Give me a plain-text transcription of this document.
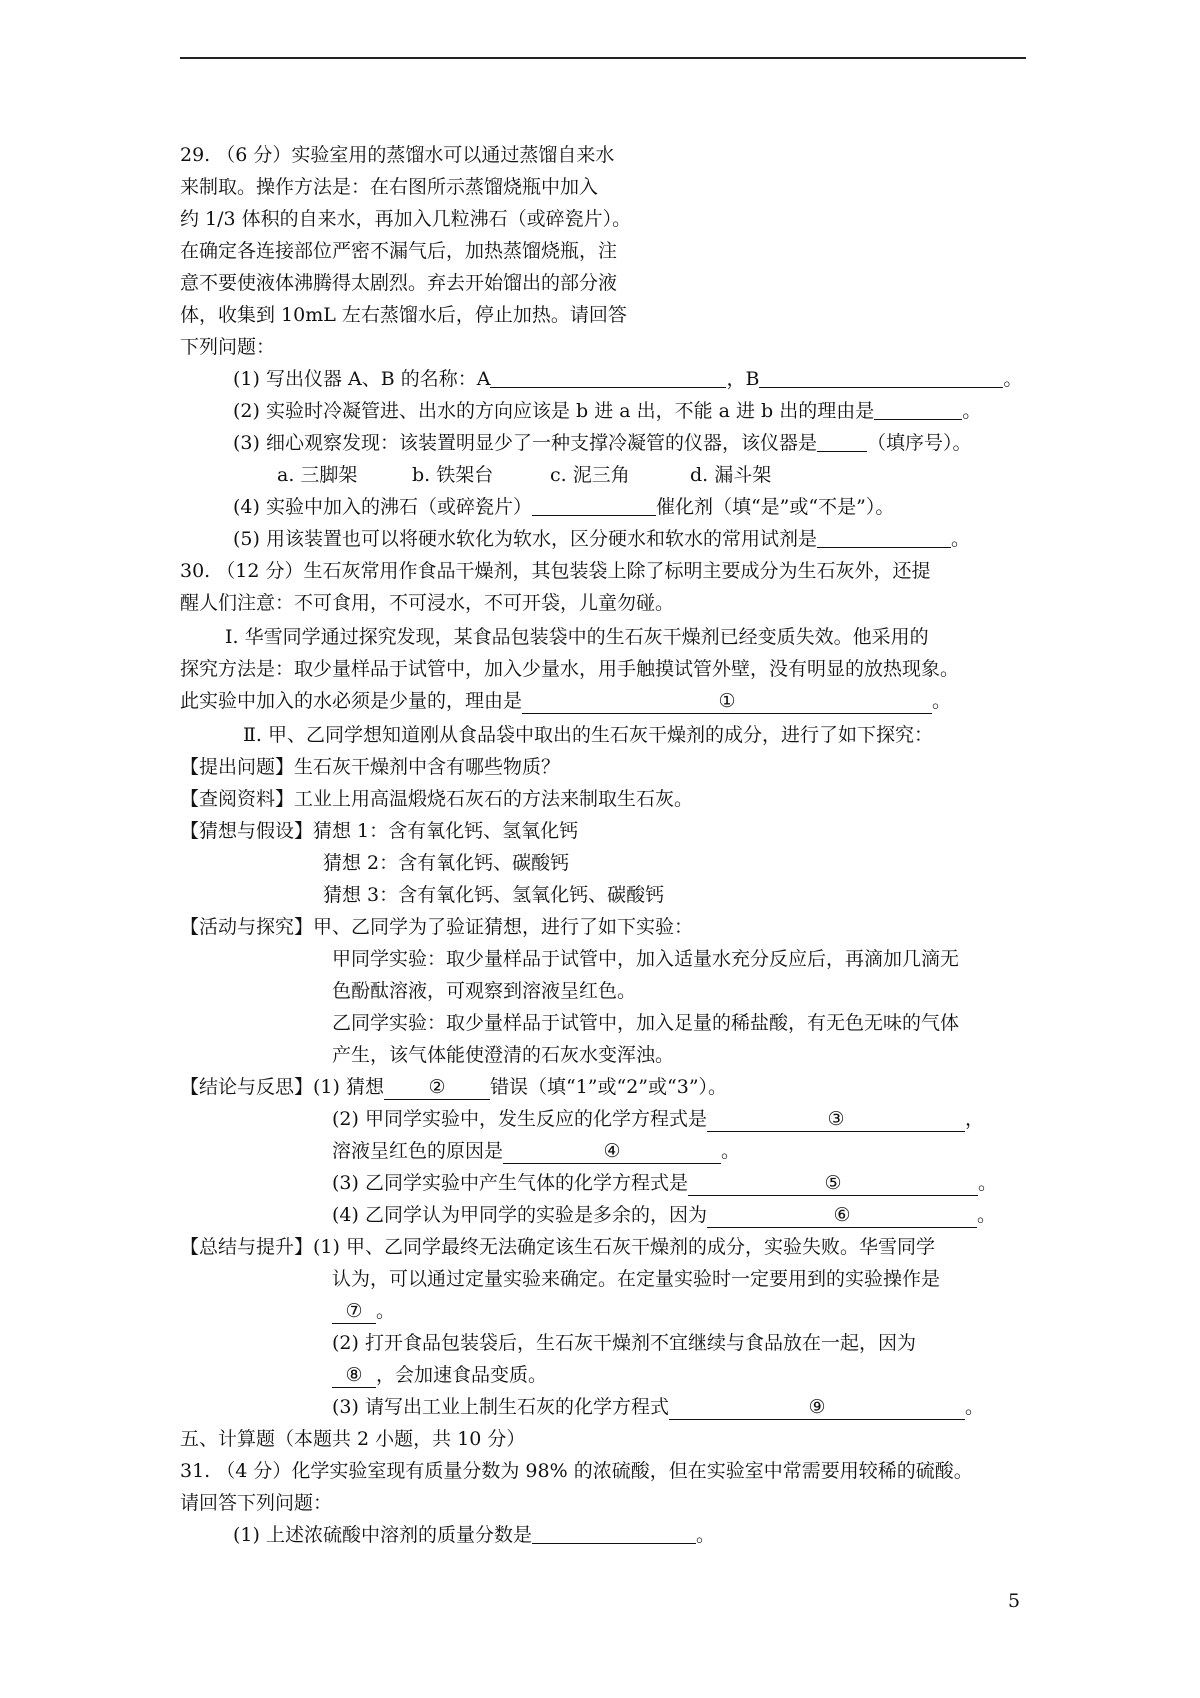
29. （6 分）实验室用的蒸馏水可以通过蒸馏自来水
来制取。操作方法是：在右图所示蒸馏烧瓶中加入
约 1/3 体积的自来水，再加入几粒沸石（或碎瓷片）。
在确定各连接部位严密不漏气后，加热蒸馏烧瓶，注
意不要使液体沸腾得太剧烈。弃去开始馏出的部分液
体，收集到 10mL 左右蒸馏水后，停止加热。请回答
下列问题：
(1) 写出仪器 A、B 的名称：A	，B	。
(2) 实验时冷凝管进、出水的方向应该是 b 进 a 出，不能 a 进 b 出的理由是	。
(3) 细心观察发现：该装置明显少了一种支撑冷凝管的仪器，该仪器是	（填序号）。
a. 三脚架	b. 铁架台	c. 泥三角	d. 漏斗架
(4) 实验中加入的沸石（或碎瓷片）	催化剂（填“是”或“不是”）。
(5) 用该装置也可以将硬水软化为软水，区分硬水和软水的常用试剂是	。
30. （12 分）生石灰常用作食品干燥剂，其包装袋上除了标明主要成分为生石灰外，还提
醒人们注意：不可食用，不可浸水，不可开袋，儿童勿碰。
Ⅰ. 华雪同学通过探究发现，某食品包装袋中的生石灰干燥剂已经变质失效。他采用的
探究方法是：取少量样品于试管中，加入少量水，用手触摸试管外壁，没有明显的放热现象。
此实验中加入的水必须是少量的，理由是	①	。
Ⅱ. 甲、乙同学想知道刚从食品袋中取出的生石灰干燥剂的成分，进行了如下探究：
【提出问题】生石灰干燥剂中含有哪些物质？
【查阅资料】工业上用高温煅烧石灰石的方法来制取生石灰。
【猜想与假设】猜想 1：含有氧化钙、氢氧化钙
猜想 2：含有氧化钙、碳酸钙
猜想 3：含有氧化钙、氢氧化钙、碳酸钙
【活动与探究】甲、乙同学为了验证猜想，进行了如下实验：
甲同学实验：取少量样品于试管中，加入适量水充分反应后，再滴加几滴无
色酚酞溶液，可观察到溶液呈红色。
乙同学实验：取少量样品于试管中，加入足量的稀盐酸，有无色无味的气体
产生，该气体能使澄清的石灰水变浑浊。
【结论与反思】(1) 猜想 ② 错误（填“1”或“2”或“3”）。
(2) 甲同学实验中，发生反应的化学方程式是	③	，
溶液呈红色的原因是	④	。
(3) 乙同学实验中产生气体的化学方程式是	⑤	。
(4) 乙同学认为甲同学的实验是多余的，因为	⑥	。
【总结与提升】(1) 甲、乙同学最终无法确定该生石灰干燥剂的成分，实验失败。华雪同学
认为，可以通过定量实验来确定。在定量实验时一定要用到的实验操作是
⑦ 。
(2) 打开食品包装袋后，生石灰干燥剂不宜继续与食品放在一起，因为
⑧ ，会加速食品变质。
(3) 请写出工业上制生石灰的化学方程式	⑨	。
五、计算题（本题共 2 小题，共 10 分）
31. （4 分）化学实验室现有质量分数为 98% 的浓硫酸，但在实验室中常需要用较稀的硫酸。
请回答下列问题：
(1) 上述浓硫酸中溶剂的质量分数是	。
5
